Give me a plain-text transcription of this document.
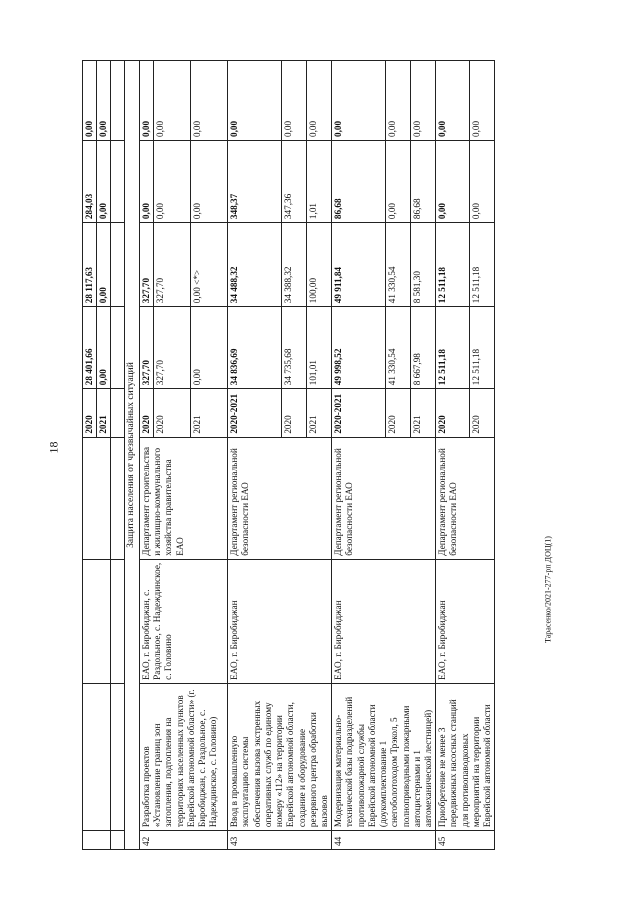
18
Тарасенко/2021-277-рп ДОЦ(1)
				2020	28 401,66	28 117,63	284,03	0,00
				2021	0,00	0,00	0,00	0,00

Защита населения от чрезвычайных ситуаций								
42	Разработка проектов «Установление границ зон затопления, подтопления на территориях населенных пунктов Еврейской автономной области» (г. Биробиджан, с. Раздольное, с. Надеждинское, с. Головино)	ЕАО, г. Биробиджан, с. Раздольное, с. Надеждинское, с. Головино	Департамент строительства и жилищно-коммунального хозяйства правительства ЕАО	2020	327,70	327,70	0,00	0,00
				2020	327,70	327,70	0,00	0,00
				2021	0,00	0,00 <*>	0,00	0,00
43	Ввод в промышленную эксплуатацию системы обеспечения вызова экстренных оперативных служб по единому номеру «112» на территории Еврейской автономной области, создание и оборудование резервного центра обработки вызовов	ЕАО, г. Биробиджан	Департамент региональной безопасности ЕАО	2020-2021	34 836,69	34 488,32	348,37	0,00
				2020	34 735,68	34 388,32	347,36	0,00
				2021	101,01	100,00	1,01	0,00
44	Модернизация материально-технической базы подразделений противопожарной службы Еврейской автономной области (доукомплектование 1 снегоболотоходом Трэкол, 5 полноприводными пожарными автоцистернами и 1 автомеханической лестницей)	ЕАО, г. Биробиджан	Департамент региональной безопасности ЕАО	2020-2021	49 998,52	49 911,84	86,68	0,00
				2020	41 330,54	41 330,54	0,00	0,00
				2021	8 667,98	8 581,30	86,68	0,00
45	Приобретение не менее 3 передвижных насосных станций для противопаводковых мероприятий на территории Еврейской автономной области	ЕАО, г. Биробиджан	Департамент региональной безопасности ЕАО	2020	12 511,18	12 511,18	0,00	0,00
				2020	12 511,18	12 511,18	0,00	0,00
